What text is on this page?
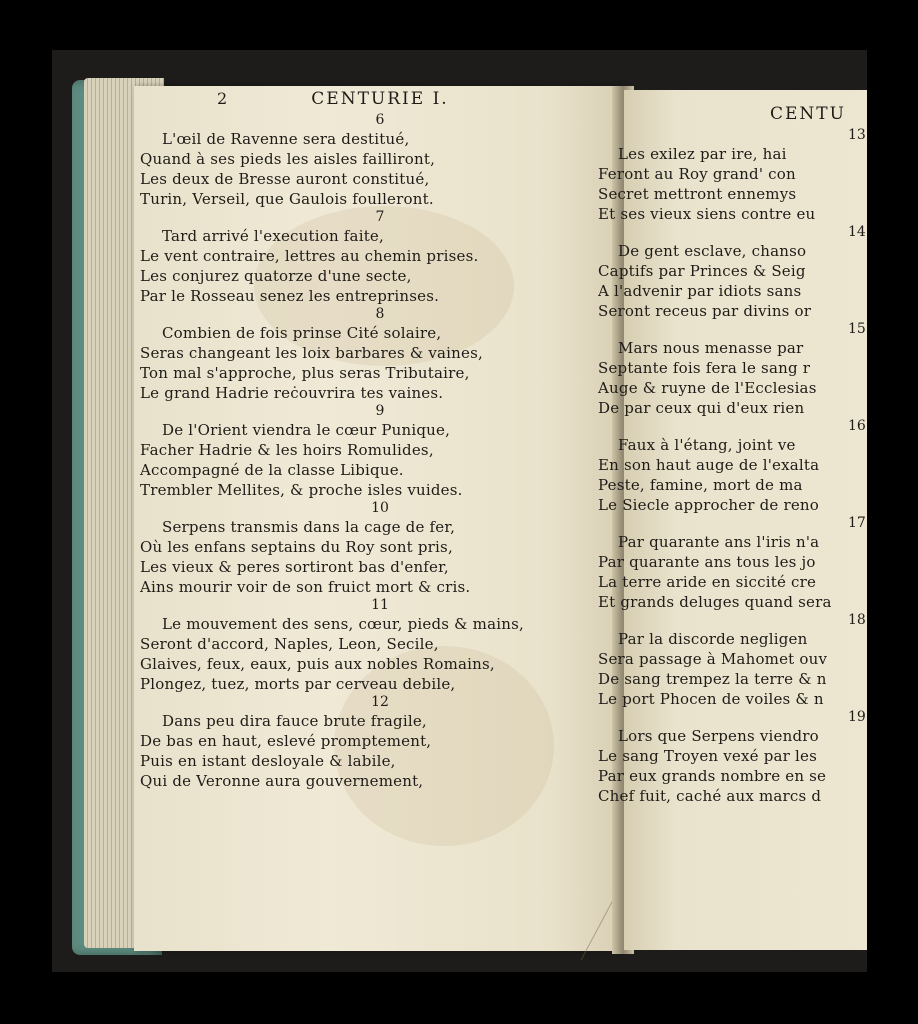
2	CENTURIE I.
6
L'œil de Ravenne sera destitué,
Quand à ses pieds les aisles failliront,
Les deux de Bresse auront constitué,
Turin, Verseil, que Gaulois foulleront.
7
Tard arrivé l'execution faite,
Le vent contraire, lettres au chemin prises.
Les conjurez quatorze d'une secte,
Par le Rosseau senez les entreprinses.
8
Combien de fois prinse Cité solaire,
Seras changeant les loix barbares & vaines,
Ton mal s'approche, plus seras Tributaire,
Le grand Hadrie reċouvrira tes vaines.
9
De l'Orient viendra le cœur Punique,
Facher Hadrie & les hoirs Romulides,
Accompagné de la classe Libique.
Trembler Mellites, & proche isles vuides.
10
Serpens transmis dans la cage de fer,
Où les enfans septains du Roy sont pris,
Les vieux & peres sortiront bas d'enfer,
Ains mourir voir de son fruict mort & cris.
11
Le mouvement des sens, cœur, pieds & mains,
Seront d'accord, Naples, Leon, Secile,
Glaives, feux, eaux, puis aux nobles Romains,
Plongez, tuez, morts par cerveau debile,
12
Dans peu dira fauce brute fragile,
De bas en haut, eslevé promptement,
Puis en istant desloyale & labile,
Qui de Veronne aura gouvernement,
CENTU
13
Les exilez par ire, hai
Feront au Roy grand' con
Secret mettront ennemys
Et ses vieux siens contre eu
14
De gent esclave, chanso
Captifs par Princes & Seig
A l'advenir par idiots sans
Seront receus par divins or
15
Mars nous menasse par
Septante fois fera le sang r
Auge & ruyne de l'Ecclesias
De par ceux qui d'eux rien
16
Faux à l'étang, joint ve
En son haut auge de l'exalta
Peste, famine, mort de ma
Le Siecle approcher de reno
17
Par quarante ans l'iris n'a
Par quarante ans tous les jo
La terre aride en siccité cre
Et grands deluges quand sera
18
Par la discorde negligen
Sera passage à Mahomet ouv
De sang trempez la terre & n
Le port Phocen de voiles & n
19
Lors que Serpens viendro
Le sang Troyen vexé par les
Par eux grands nombre en se
Chef fuit, caché aux marcs d
